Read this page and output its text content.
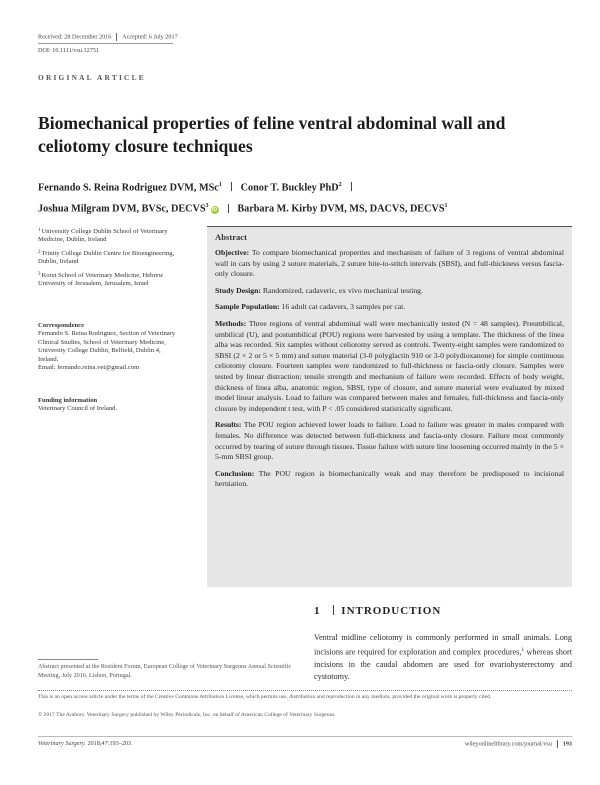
Received: 28 December 2016 Accepted: 6 July 2017
DOI: 10.1111/vsu.12751
ORIGINAL ARTICLE
Biomechanical properties of feline ventral abdominal wall and celiotomy closure techniques
Fernando S. Reina Rodriguez DVM, MSc$^1$ Conor T. Buckley PhD$^2$
Joshua Milgram DVM, BVSc, DECVS$^3$iD Barbara M. Kirby DVM, MS, DACVS, DECVS$^1$

$^1$University College Dublin School of Veterinary Medicine, Dublin, Ireland

$^2$Trinity College Dublin Centre for Bioengineering, Dublin, Ireland

$^3$Koret School of Veterinary Medicine, Hebrew University of Jerusalem, Jerusalem, Israel

Correspondence

Fernando S. Reina Rodriguez, Section of Veterinary Clinical Studies, School of Veterinary Medicine, University College Dublin, Belfield, Dublin 4, Ireland.

Email: fernando.reina.vet@gmail.com

Funding information

Veterinary Council of Ireland.

Abstract

Objective: To compare biomechanical properties and mechanism of failure of 3 regions of ventral abdominal wall in cats by using 2 suture materials, 2 suture bite-to-stitch intervals (SBSI), and full-thickness versus fascia-only closure.

Study Design: Randomized, cadaveric, ex vivo mechanical testing.

Sample Population: 16 adult cat cadavers, 3 samples per cat.

Methods: Three regions of ventral abdominal wall were mechanically tested (N = 48 samples). Preumbilical, umbilical (U), and postumbilical (POU) regions were harvested by using a template. The thickness of the linea alba was recorded. Six samples without celiotomy served as controls. Twenty-eight samples were randomized to SBSI (2 × 2 or 5 × 5 mm) and suture material (3-0 polyglactin 910 or 3-0 polydioxanone) for simple continuous celiotomy closure. Fourteen samples were randomized to full-thickness or fascia-only closure. Samples were tested by linear distraction; tensile strength and mechanism of failure were recorded. Effects of body weight, thickness of linea alba, anatomic region, SBSI, type of closure, and suture material were evaluated by mixed model linear analysis. Load to failure was compared between males and females, full-thickness and fascia-only closure by independent t test, with P < .05 considered statistically significant.

Results: The POU region achieved lower loads to failure. Load to failure was greater in males compared with females. No difference was detected between full-thickness and fascia-only closure. Failure most commonly occurred by tearing of suture through tissues. Tissue failure with suture line loosening occurred mainly in the 5 × 5-mm SBSI group.

Conclusion: The POU region is biomechanically weak and may therefore be predisposed to incisional herniation.

1 INTRODUCTION
Ventral midline celiotomy is commonly performed in small animals. Long incisions are required for exploration and complex procedures,$^1$ whereas short incisions in the caudal abdomen are used for ovariohysterectomy and cystotomy.
Abstract presented at the Resident Forum, European College of Veterinary Surgeons Annual Scientific Meeting, July 2016, Lisbon, Portugal.
This is an open access article under the terms of the Creative Commons Attribution License, which permits use, distribution and reproduction in any medium, provided the original work is properly cited.
© 2017 The Authors. Veterinary Surgery published by Wiley Periodicals, Inc. on behalf of American College of Veterinary Surgeons
Veterinary Surgery. 2018;47:193–203.	wileyonlinelibrary.com/journal/vsu 193
